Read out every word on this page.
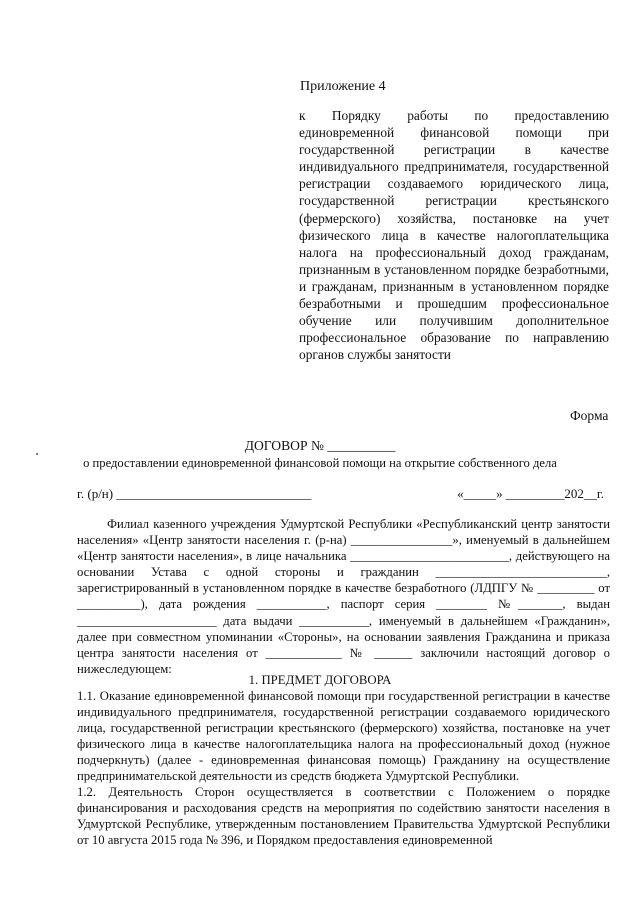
Приложение 4
к Порядку работы по предоставлению единовременной финансовой помощи при государственной регистрации в качестве индивидуального предпринимателя, государственной регистрации создаваемого юридического лица, государственной регистрации крестьянского (фермерского) хозяйства, постановке на учет физического лица в качестве налогоплательщика налога на профессиональный доход гражданам, признанным в установленном порядке безработными, и гражданам, признанным в установленном порядке безработными и прошедшим профессиональное обучение или получившим дополнительное профессиональное образование по направлению органов службы занятости
Форма
ДОГОВОР № __________
о предоставлении единовременной финансовой помощи на открытие собственного дела
г. (р/н) ______________________________	«_____» _________202__г.

Филиал казенного учреждения Удмуртской Республики «Республиканский центр занятости населения» «Центр занятости населения г. (р-на) ________________», именуемый в дальнейшем «Центр занятости населения», в лице начальника _________________________, действующего на основании Устава с одной стороны и гражданин ___________________________, зарегистрированный в установленном порядке в качестве безработного (ЛДПГУ № _________ от __________), дата рождения ___________, паспорт серия ________ №_______, выдан ______________________ дата выдачи ___________, именуемый в дальнейшем «Гражданин», далее при совместном упоминании «Стороны», на основании заявления Гражданина и приказа центра занятости населения от ____________ № ______ заключили настоящий договор о нижеследующем:

1. ПРЕДМЕТ ДОГОВОРА

1.1. Оказание единовременной финансовой помощи при государственной регистрации в качестве индивидуального предпринимателя, государственной регистрации создаваемого юридического лица, государственной регистрации крестьянского (фермерского) хозяйства, постановке на учет физического лица в качестве налогоплательщика налога на профессиональный доход (нужное подчеркнуть) (далее - единовременная финансовая помощь) Гражданину на осуществление предпринимательской деятельности из средств бюджета Удмуртской Республики.

1.2. Деятельность Сторон осуществляется в соответствии с Положением о порядке финансирования и расходования средств на мероприятия по содействию занятости населения в Удмуртской Республике, утвержденным постановлением Правительства Удмуртской Республики от 10 августа 2015 года № 396, и Порядком предоставления единовременной
